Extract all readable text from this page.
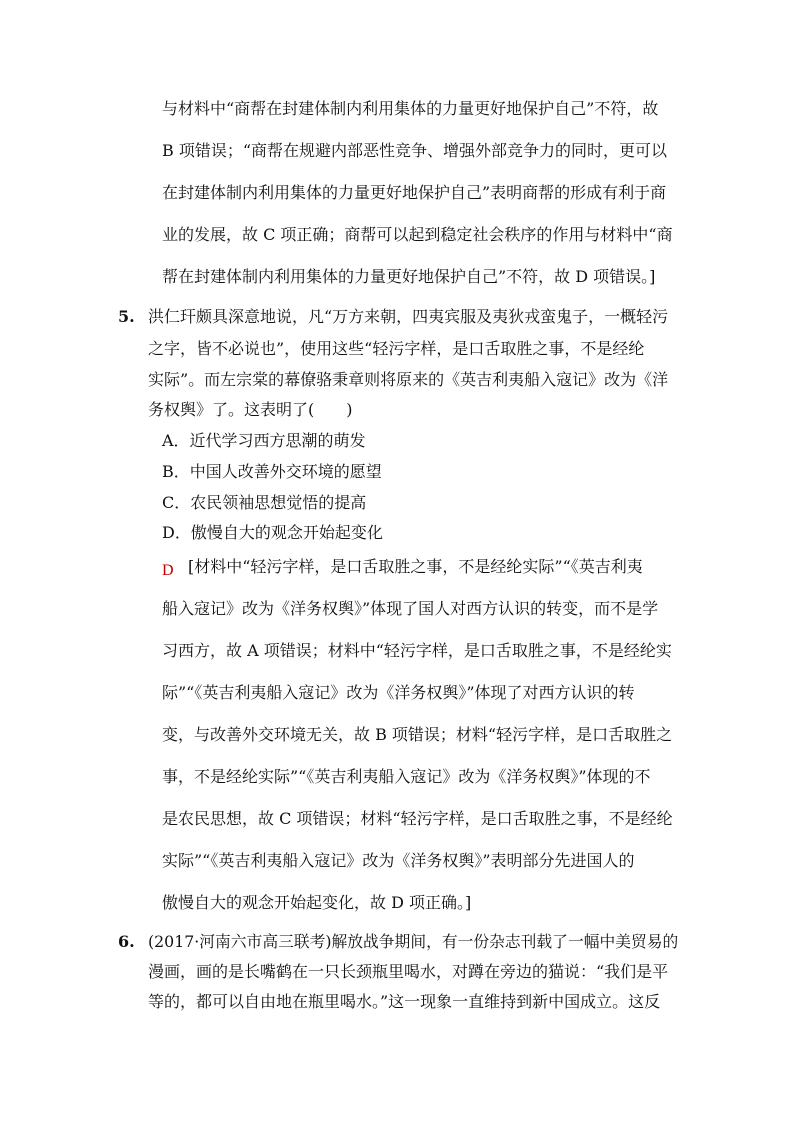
与材料中“商帮在封建体制内利用集体的力量更好地保护自己”不符，故
B 项错误；“商帮在规避内部恶性竞争、增强外部竞争力的同时，更可以
在封建体制内利用集体的力量更好地保护自己”表明商帮的形成有利于商
业的发展，故 C 项正确；商帮可以起到稳定社会秩序的作用与材料中“商
帮在封建体制内利用集体的力量更好地保护自己”不符，故 D 项错误。]
5. 洪仁玕颇具深意地说，凡“万方来朝，四夷宾服及夷狄戎蛮鬼子，一概轻污
之字，皆不必说也”，使用这些“轻污字样，是口舌取胜之事，不是经纶
实际”。而左宗棠的幕僚骆秉章则将原来的《英吉利夷船入寇记》改为《洋
务权舆》了。这表明了(　　)
A．近代学习西方思潮的萌发
B．中国人改善外交环境的愿望
C．农民领袖思想觉悟的提高
D．傲慢自大的观念开始起变化
D [材料中“轻污字样，是口舌取胜之事，不是经纶实际”“《英吉利夷
船入寇记》改为《洋务权舆》”体现了国人对西方认识的转变，而不是学
习西方，故 A 项错误；材料中“轻污字样，是口舌取胜之事，不是经纶实
际”“《英吉利夷船入寇记》改为《洋务权舆》”体现了对西方认识的转
变，与改善外交环境无关，故 B 项错误；材料“轻污字样，是口舌取胜之
事，不是经纶实际”“《英吉利夷船入寇记》改为《洋务权舆》”体现的不
是农民思想，故 C 项错误；材料“轻污字样，是口舌取胜之事，不是经纶
实际”“《英吉利夷船入寇记》改为《洋务权舆》”表明部分先进国人的
傲慢自大的观念开始起变化，故 D 项正确。]
6. (2017·河南六市高三联考)解放战争期间，有一份杂志刊载了一幅中美贸易的
漫画，画的是长嘴鹤在一只长颈瓶里喝水，对蹲在旁边的猫说：“我们是平
等的，都可以自由地在瓶里喝水。”这一现象一直维持到新中国成立。这反
